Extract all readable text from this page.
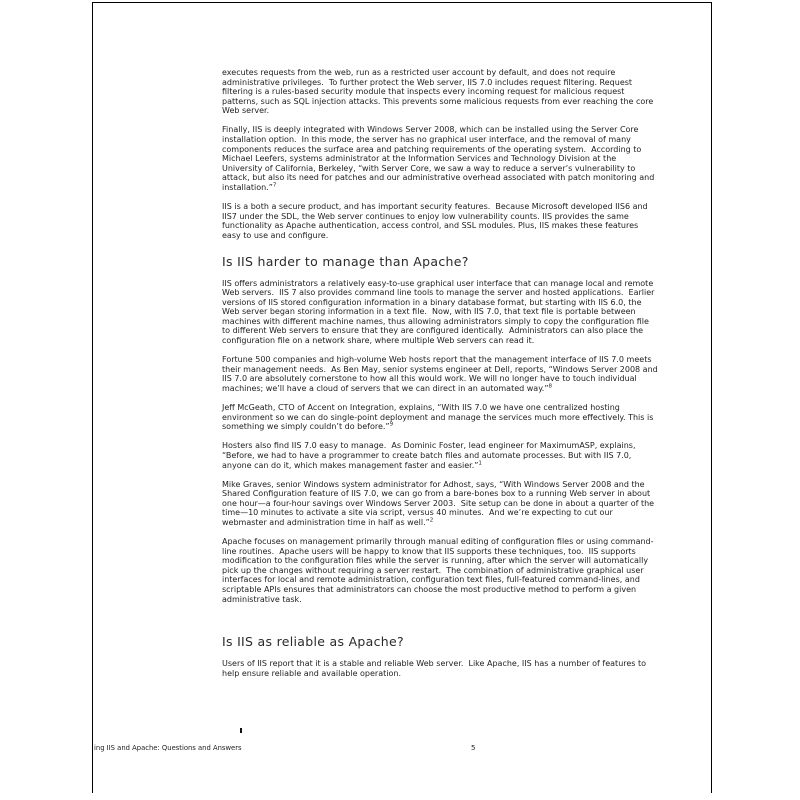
executes requests from the web, run as a restricted user account by default, and does not require administrative privileges.  To further protect the Web server, IIS 7.0 includes request filtering. Request filtering is a rules-based security module that inspects every incoming request for malicious request patterns, such as SQL injection attacks. This prevents some malicious requests from ever reaching the core Web server.

Finally, IIS is deeply integrated with Windows Server 2008, which can be installed using the Server Core installation option.  In this mode, the server has no graphical user interface, and the removal of many components reduces the surface area and patching requirements of the operating system.  According to Michael Leefers, systems administrator at the Information Services and Technology Division at the University of California, Berkeley, “with Server Core, we saw a way to reduce a server’s vulnerability to attack, but also its need for patches and our administrative overhead associated with patch monitoring and installation.”$^7$

IIS is a both a secure product, and has important security features.  Because Microsoft developed IIS6 and IIS7 under the SDL, the Web server continues to enjoy low vulnerability counts. IIS provides the same functionality as Apache authentication, access control, and SSL modules. Plus, IIS makes these features easy to use and configure.

Is IIS harder to manage than Apache?

IIS offers administrators a relatively easy-to-use graphical user interface that can manage local and remote Web servers.  IIS 7 also provides command line tools to manage the server and hosted applications.  Earlier versions of IIS stored configuration information in a binary database format, but starting with IIS 6.0, the Web server began storing information in a text file.  Now, with IIS 7.0, that text file is portable between machines with different machine names, thus allowing administrators simply to copy the configuration file to different Web servers to ensure that they are configured identically.  Administrators can also place the configuration file on a network share, where multiple Web servers can read it.

Fortune 500 companies and high-volume Web hosts report that the management interface of IIS 7.0 meets their management needs.  As Ben May, senior systems engineer at Dell, reports, “Windows Server 2008 and IIS 7.0 are absolutely cornerstone to how all this would work. We will no longer have to touch individual machines; we’ll have a cloud of servers that we can direct in an automated way.”$^8$

Jeff McGeath, CTO of Accent on Integration, explains, “With IIS 7.0 we have one centralized hosting environment so we can do single-point deployment and manage the services much more effectively. This is something we simply couldn’t do before.”$^9$

Hosters also find IIS 7.0 easy to manage.  As Dominic Foster, lead engineer for MaximumASP, explains, “Before, we had to have a programmer to create batch files and automate processes. But with IIS 7.0, anyone can do it, which makes management faster and easier.”$^1$

Mike Graves, senior Windows system administrator for Adhost, says, “With Windows Server 2008 and the Shared Configuration feature of IIS 7.0, we can go from a bare-bones box to a running Web server in about one hour—a four-hour savings over Windows Server 2003.  Site setup can be done in about a quarter of the time—10 minutes to activate a site via script, versus 40 minutes.  And we’re expecting to cut our webmaster and administration time in half as well.”$^2$

Apache focuses on management primarily through manual editing of configuration files or using command-line routines.  Apache users will be happy to know that IIS supports these techniques, too.  IIS supports modification to the configuration files while the server is running, after which the server will automatically pick up the changes without requiring a server restart.  The combination of administrative graphical user interfaces for local and remote administration, configuration text files, full-featured command-lines, and scriptable APIs ensures that administrators can choose the most productive method to perform a given administrative task.

Is IIS as reliable as Apache?

Users of IIS report that it is a stable and reliable Web server.  Like Apache, IIS has a number of features to help ensure reliable and available operation.

ing IIS and Apache: Questions and Answers	5
